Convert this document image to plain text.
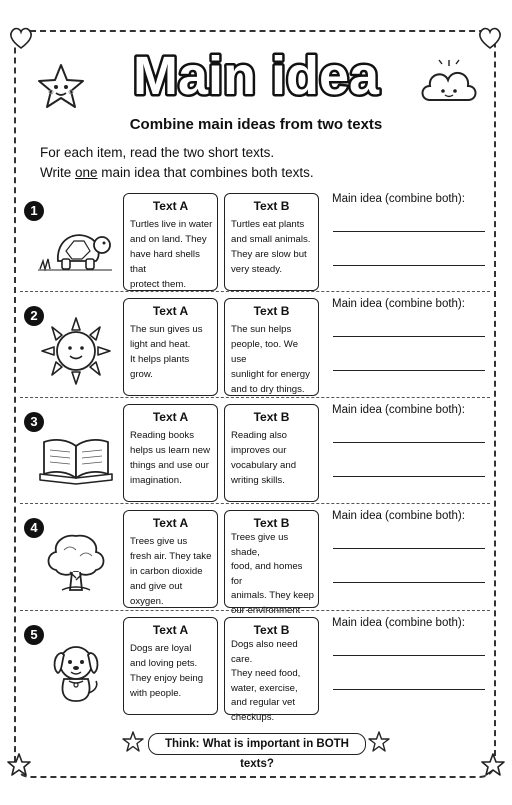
Main idea
Combine main ideas from two texts
For each item, read the two short texts.
Write one main idea that combines both texts.
1	Text A
Turtles live in water
and on land. They
have hard shells that
protect them.
Text B
Turtles eat plants
and small animals.
They are slow but
very steady.
Main idea (combine both):
2	Text A
The sun gives us
light and heat.
It helps plants
grow.
Text B
The sun helps
people, too. We use
sunlight for energy
and to dry things.
Main idea (combine both):
3	Text A
Reading books
helps us learn new
things and use our
imagination.
Text B
Reading also
improves our
vocabulary and
writing skills.
Main idea (combine both):
4	Text A
Trees give us
fresh air. They take
in carbon dioxide
and give out oxygen.
Text B
Trees give us shade,
food, and homes for
animals. They keep
our environment
Main idea (combine both):
5	Text A
Dogs are loyal
and loving pets.
They enjoy being
with people.
Text B
Dogs also need care.
They need food,
water, exercise,
and regular vet
checkups.
Main idea (combine both):
Think: What is important in BOTH texts?
